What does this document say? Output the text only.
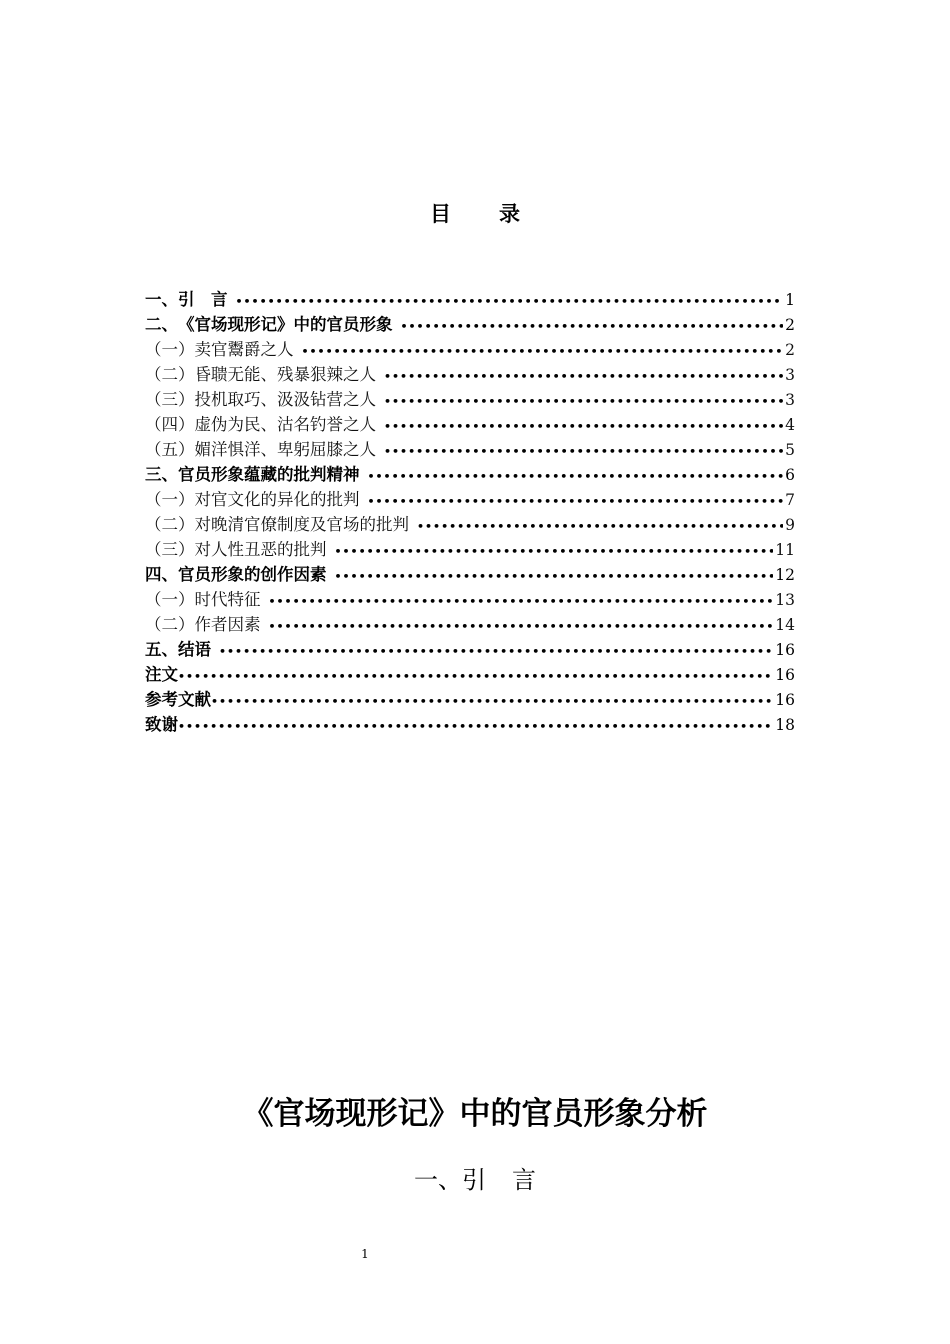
目 录
一、 引　言 •••••	1
二、 《官场现形记》中的官员形象 •••••	2
（一） 卖官鬻爵之人 •••••	2
（二） 昏聩无能、残暴狠辣之人 •••••	3
（三） 投机取巧、汲汲钻营之人 •••••	3
（四） 虚伪为民、沽名钓誉之人 •••••	4
（五） 媚洋惧洋、卑躬屈膝之人 •••••	5
三、 官员形象蕴藏的批判精神 •••••	6
（一） 对官文化的异化的批判 •••••	7
（二） 对晚清官僚制度及官场的批判 •••••	9
（三） 对人性丑恶的批判 •••••	11
四、 官员形象的创作因素 •••••	12
（一） 时代特征 •••••	13
（二） 作者因素 •••••	14
五、 结语 •••••	16
注文 •••••	16
参考文献 •••••	16
致谢 •••••	18
《官场现形记》中的官员形象分析
一、引 言
1
